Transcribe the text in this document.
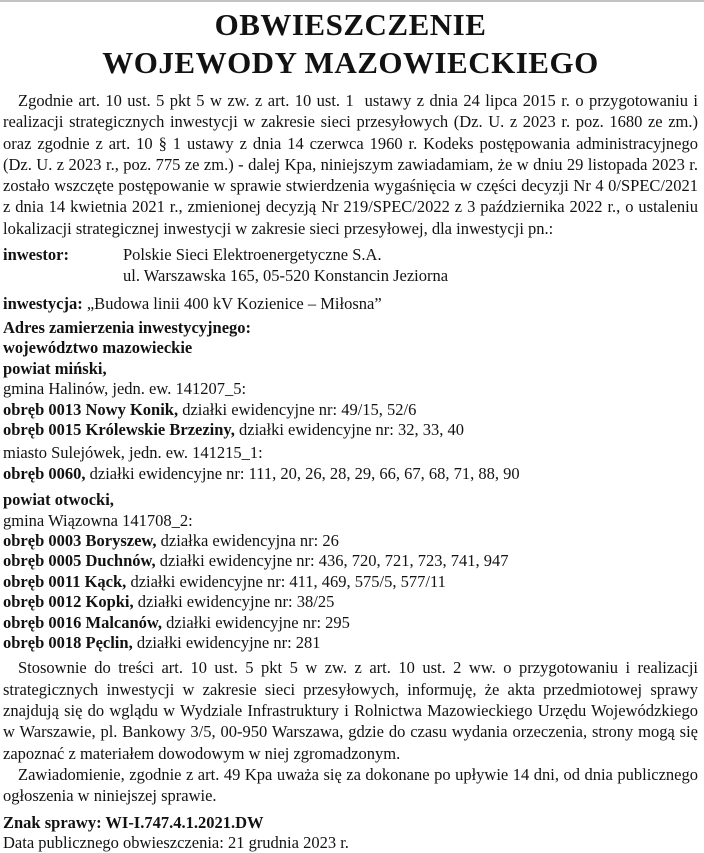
OBWIESZCZENIE
WOJEWODY MAZOWIECKIEGO

Zgodnie art. 10 ust. 5 pkt 5 w zw. z art. 10 ust. 1  ustawy z dnia 24 lipca 2015 r. o przygotowaniu i realizacji strategicznych inwestycji w zakresie sieci przesyłowych (Dz. U. z 2023 r. poz. 1680 ze zm.) oraz zgodnie z art. 10 § 1 ustawy z dnia 14 czerwca 1960 r. Kodeks postępowania administracyjnego (Dz. U. z 2023 r., poz. 775 ze zm.) - dalej Kpa, niniejszym zawiadamiam, że w dniu 29 listopada 2023 r. zostało wszczęte postępowanie w sprawie stwierdzenia wygaśnięcia w części decyzji Nr 4 0/SPEC/2021 z dnia 14 kwietnia 2021 r., zmienionej decyzją Nr 219/SPEC/2022 z 3 października 2022 r., o ustaleniu lokalizacji strategicznej inwestycji w zakresie sieci przesyłowej, dla inwestycji pn.:

inwestor:	Polskie Sieci Elektroenergetyczne S.A.
ul. Warszawska 165, 05-520 Konstancin Jeziorna

inwestycja: „Budowa linii 400 kV Kozienice – Miłosna”

Adres zamierzenia inwestycyjnego:

województwo mazowieckie

powiat miński,

gmina Halinów, jedn. ew. 141207_5:

obręb 0013 Nowy Konik, działki ewidencyjne nr: 49/15, 52/6

obręb 0015 Królewskie Brzeziny, działki ewidencyjne nr: 32, 33, 40

miasto Sulejówek, jedn. ew. 141215_1:

obręb 0060, działki ewidencyjne nr: 111, 20, 26, 28, 29, 66, 67, 68, 71, 88, 90

powiat otwocki,

gmina Wiązowna 141708_2:

obręb 0003 Boryszew, działka ewidencyjna nr: 26

obręb 0005 Duchnów, działki ewidencyjne nr: 436, 720, 721, 723, 741, 947

obręb 0011 Kąck, działki ewidencyjne nr: 411, 469, 575/5, 577/11

obręb 0012 Kopki, działki ewidencyjne nr: 38/25

obręb 0016 Malcanów, działki ewidencyjne nr: 295

obręb 0018 Pęclin, działki ewidencyjne nr: 281

Stosownie do treści art. 10 ust. 5 pkt 5 w zw. z art. 10 ust. 2 ww. o przygotowaniu i realizacji strategicznych inwestycji w zakresie sieci przesyłowych, informuję, że akta przedmiotowej sprawy znajdują się do wglądu w Wydziale Infrastruktury i Rolnictwa Mazowieckiego Urzędu Wojewódzkiego w Warszawie, pl. Bankowy 3/5, 00-950 Warszawa, gdzie do czasu wydania orzeczenia, strony mogą się zapoznać z materiałem dowodowym w niej zgromadzonym.

Zawiadomienie, zgodnie z art. 49 Kpa uważa się za dokonane po upływie 14 dni, od dnia publicznego ogłoszenia w niniejszej sprawie.

Znak sprawy: WI-I.747.4.1.2021.DW

Data publicznego obwieszczenia: 21 grudnia 2023 r.
